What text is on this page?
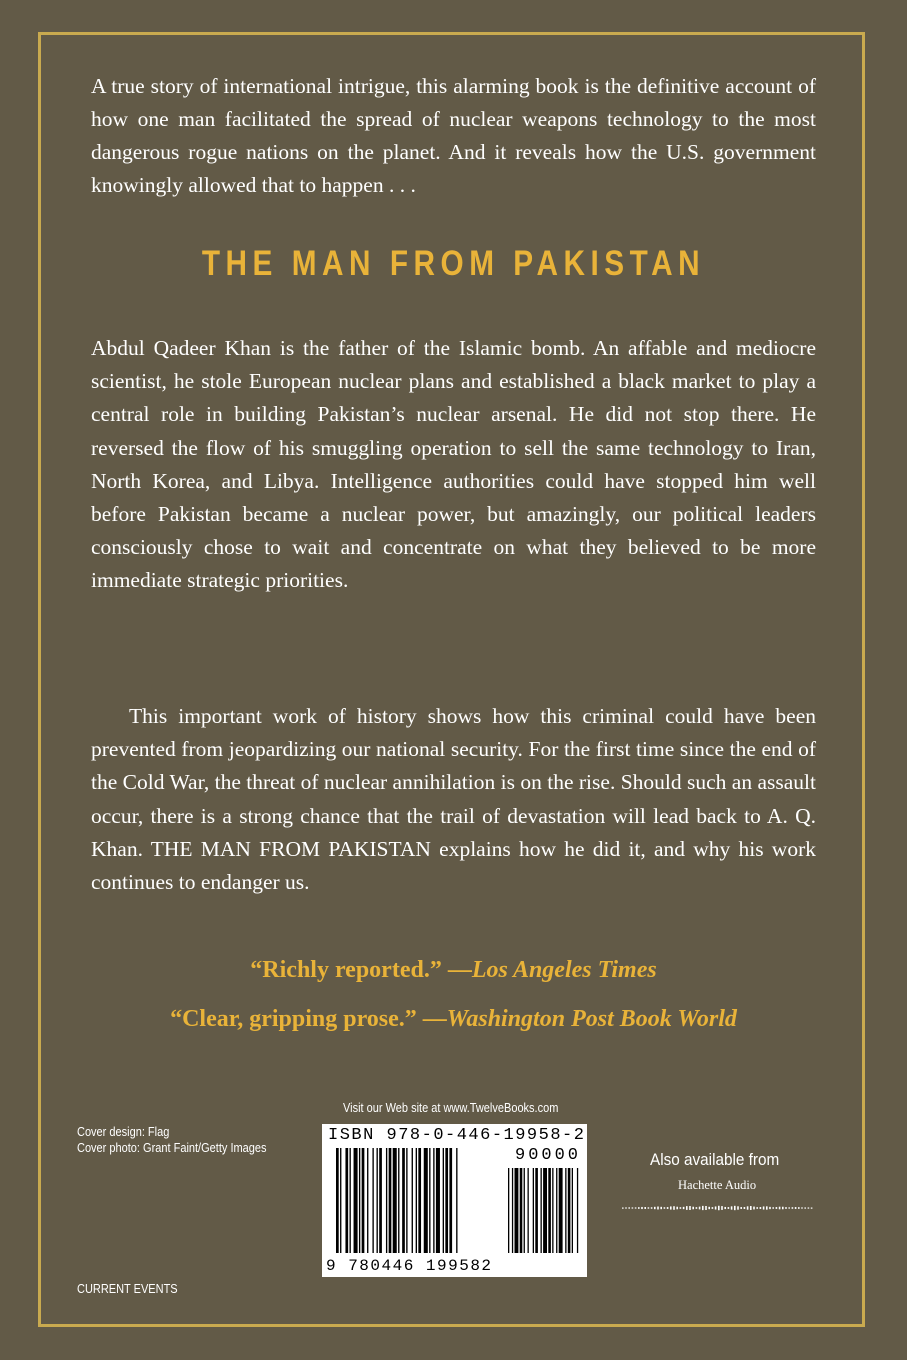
A true story of international intrigue, this alarming book is the definitive account of how one man facilitated the spread of nuclear weapons technology to the most dangerous rogue nations on the planet. And it reveals how the U.S. government knowingly allowed that to happen . . .

THE MAN FROM PAKISTAN

Abdul Qadeer Khan is the father of the Islamic bomb. An affable and mediocre scientist, he stole European nuclear plans and established a black market to play a central role in building Pakistan’s nuclear arsenal. He did not stop there. He reversed the flow of his smuggling operation to sell the same technology to Iran, North Korea, and Libya. Intelligence authorities could have stopped him well before Pakistan became a nuclear power, but amazingly, our political leaders consciously chose to wait and concentrate on what they believed to be more immediate strategic priorities.

This important work of history shows how this criminal could have been prevented from jeopardizing our national security. For the first time since the end of the Cold War, the threat of nuclear annihilation is on the rise. Should such an assault occur, there is a strong chance that the trail of devastation will lead back to A. Q. Khan. THE MAN FROM PAKISTAN explains how he did it, and why his work continues to endanger us.

“Richly reported.” —Los Angeles Times

“Clear, gripping prose.” —Washington Post Book World

Cover design: Flag
Cover photo: Grant Faint/Getty Images
Visit our Web site at www.TwelveBooks.com
ISBN 978-0-446-19958-2
90000
9 780446 199582
Also available from
Hachette Audio
CURRENT EVENTS
